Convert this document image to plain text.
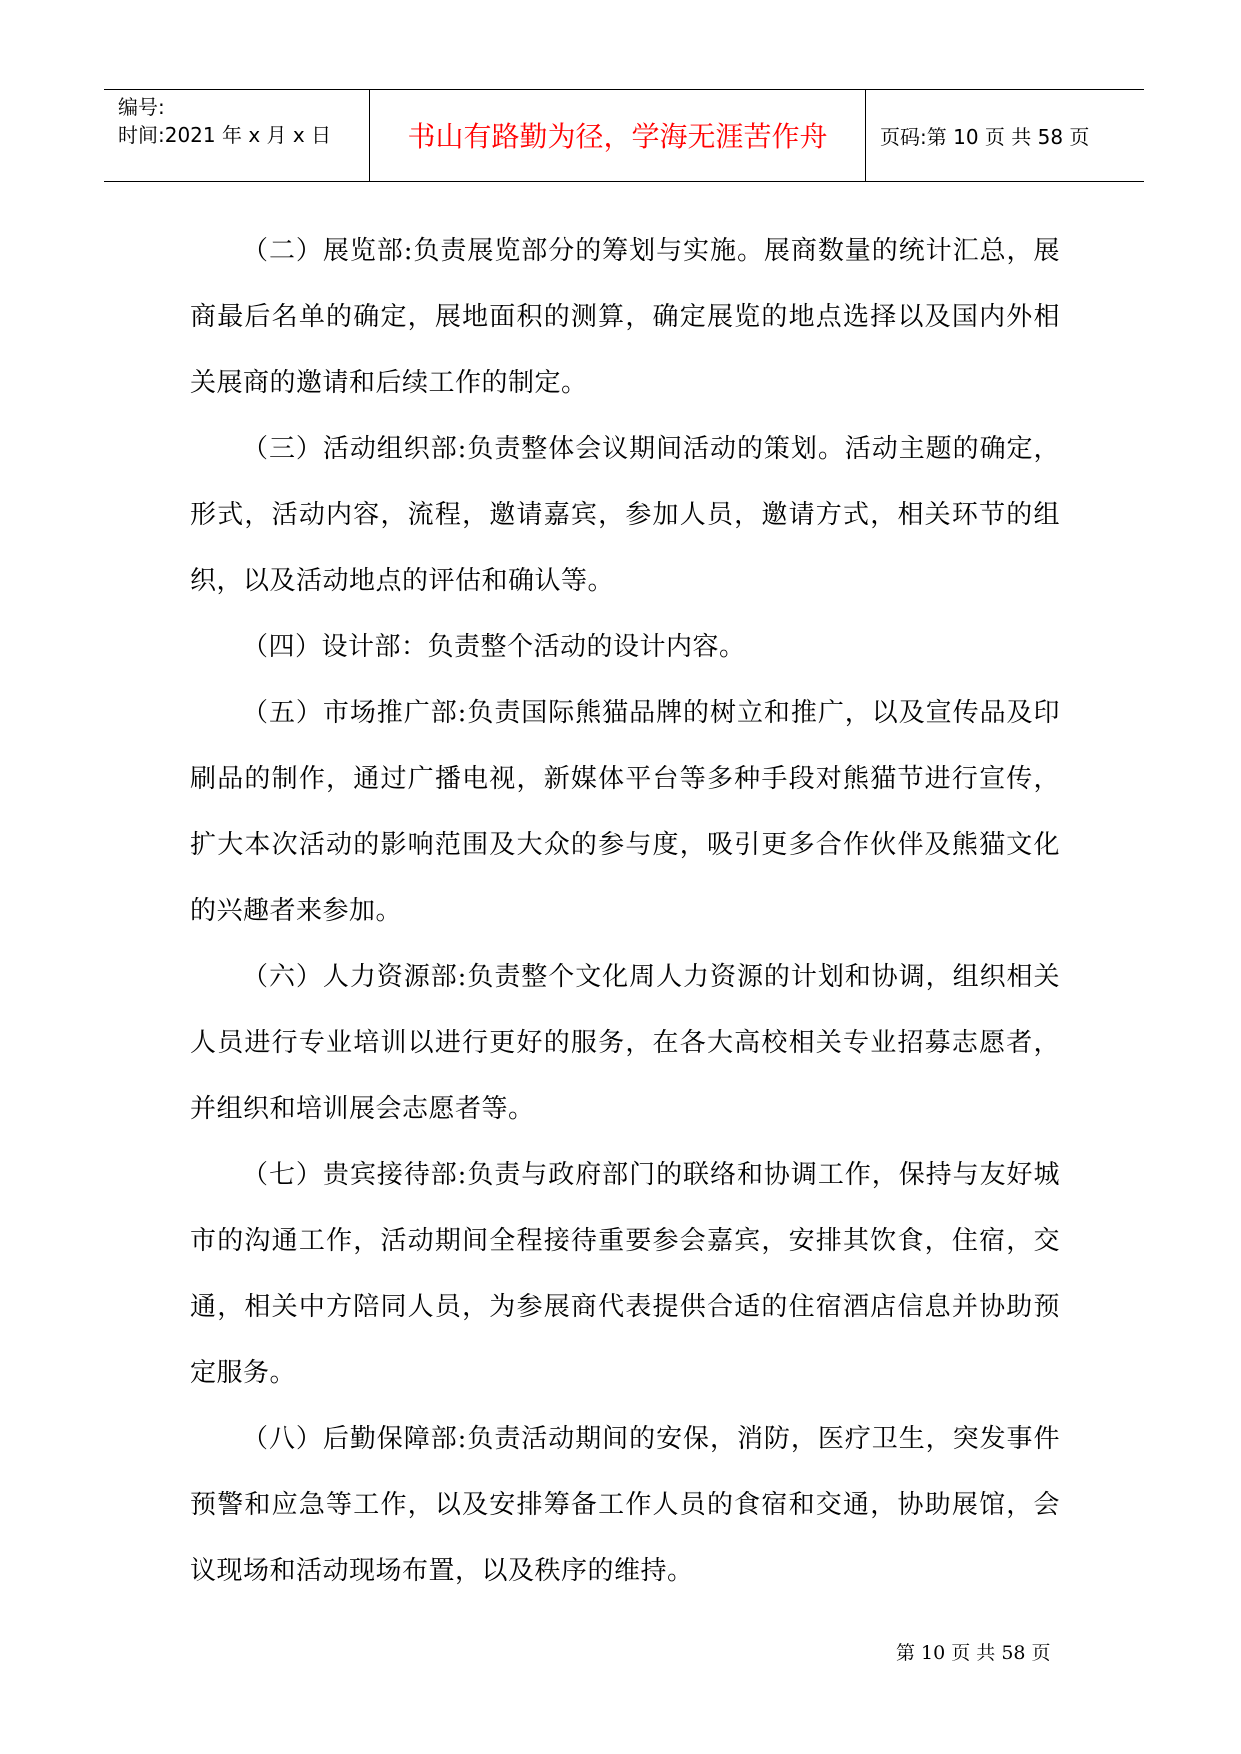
编号:
时间:2021 年 x 月 x 日	书山有路勤为径，学海无涯苦作舟	页码:第 10 页 共 58 页

（二）展览部:负责展览部分的筹划与实施。展商数量的统计汇总，展商最后名单的确定，展地面积的测算，确定展览的地点选择以及国内外相关展商的邀请和后续工作的制定。

（三）活动组织部:负责整体会议期间活动的策划。活动主题的确定，形式，活动内容，流程，邀请嘉宾，参加人员，邀请方式，相关环节的组织，以及活动地点的评估和确认等。

（四）设计部：负责整个活动的设计内容。

（五）市场推广部:负责国际熊猫品牌的树立和推广，以及宣传品及印刷品的制作，通过广播电视，新媒体平台等多种手段对熊猫节进行宣传，扩大本次活动的影响范围及大众的参与度，吸引更多合作伙伴及熊猫文化的兴趣者来参加。

（六）人力资源部:负责整个文化周人力资源的计划和协调，组织相关人员进行专业培训以进行更好的服务，在各大高校相关专业招募志愿者，并组织和培训展会志愿者等。

（七）贵宾接待部:负责与政府部门的联络和协调工作，保持与友好城市的沟通工作，活动期间全程接待重要参会嘉宾，安排其饮食，住宿，交通，相关中方陪同人员，为参展商代表提供合适的住宿酒店信息并协助预定服务。

（八）后勤保障部:负责活动期间的安保，消防，医疗卫生，突发事件预警和应急等工作，以及安排筹备工作人员的食宿和交通，协助展馆，会议现场和活动现场布置，以及秩序的维持。

第 10 页 共 58 页
